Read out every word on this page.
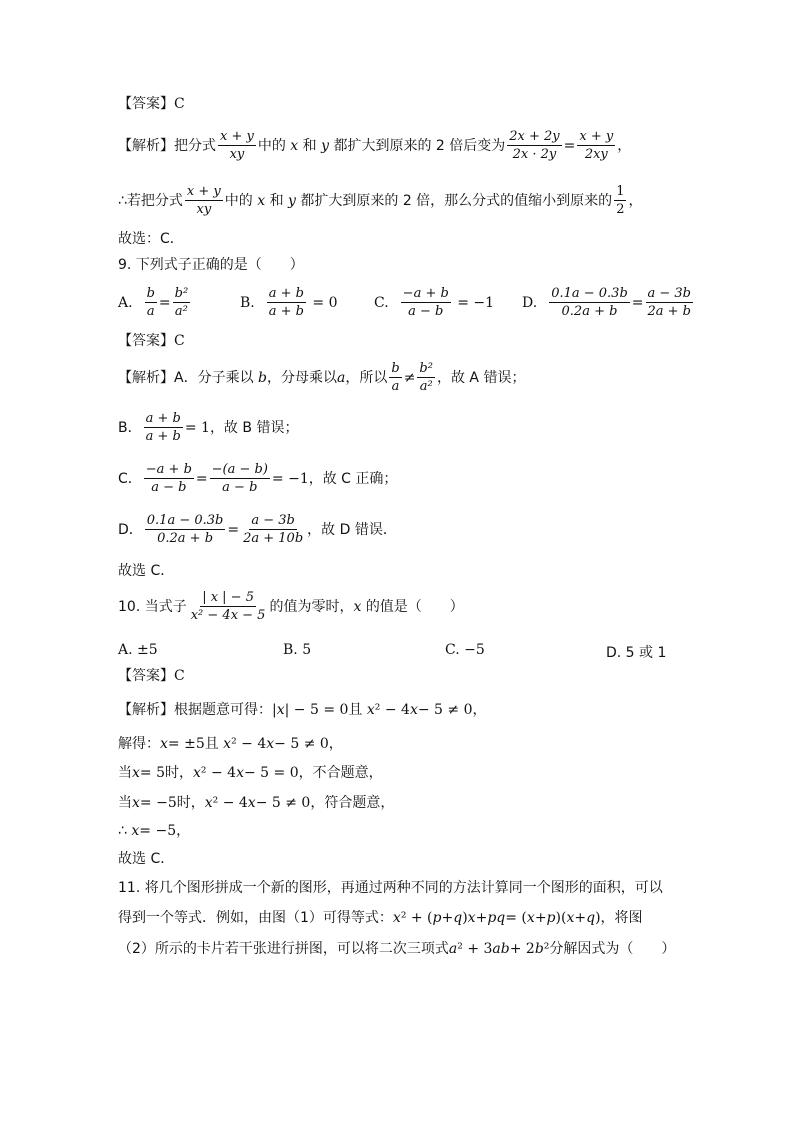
【答案】 C
【解析】 把分式
x + y
xy
中的 x 和 y 都扩大到原来的 2 倍后变为 $\frac{2x + 2y}{2x \cdot 2y} = \frac{x + y}{2xy}$ ，
∴若把分式
x + y
xy
中的 x 和 y 都扩大到原来的 2 倍，那么分式的值缩小到原来的
1
2
，
故选：C．
9. 下列式子正确的是（　　）
A. $\frac{b}{a} = \frac{\text{b²}}{\text{a²}}$	B. $\frac{a + b}{a + b} = 0$	C. $\frac{-a + b}{a - b} = -1$ D. $\frac{0.1a - 0.3b}{0.2a + b} = \frac{a - 3b}{2a + b}$
【答案】 C
【解析】 A．分子乘以 b ，分母乘以 a ，所以
b
a
≠
b²
a²
，故 A 错误；
B． $\frac{a + b}{a + b} = 1$ ，故 B 错误；
C． $\frac{-a + b}{a - b} = \frac{-(a - b)}{a - b} = -1$ ，故 C 正确；
D． $\frac{0.1a - 0.3b}{0.2a + b} = \frac{a - 3b}{2a + 10b}$ ，故 D 错误．
故选 C．
10. 当式子
| x | − 5
x² − 4x − 5
的值为零时， x 的值是（　　）
A. ±5	B. 5	C. −5	D. 5 或 1
【答案】 C
【解析】 根据题意可得： | x | − 5 = 0 且 x ² − 4 x − 5 ≠ 0，
解得： x = ±5 且 x ² − 4 x − 5 ≠ 0，
当 x = 5 时， x ² − 4 x − 5 = 0 ，不合题意，
当 x = −5 时， x ² − 4 x − 5 ≠ 0 ，符合题意，
∴ x = −5，
故选 C．
11. 将几个图形拼成一个新的图形，再通过两种不同的方法计算同一个图形的面积，可以
得到一个等式．例如，由图（1）可得等式： x ² + ( p + q ) x + pq = ( x + p )( x + q ) ，将图
（2）所示的卡片若干张进行拼图，可以将二次三项式 a ² + 3 ab + 2 b ² 分解因式为（　　）
